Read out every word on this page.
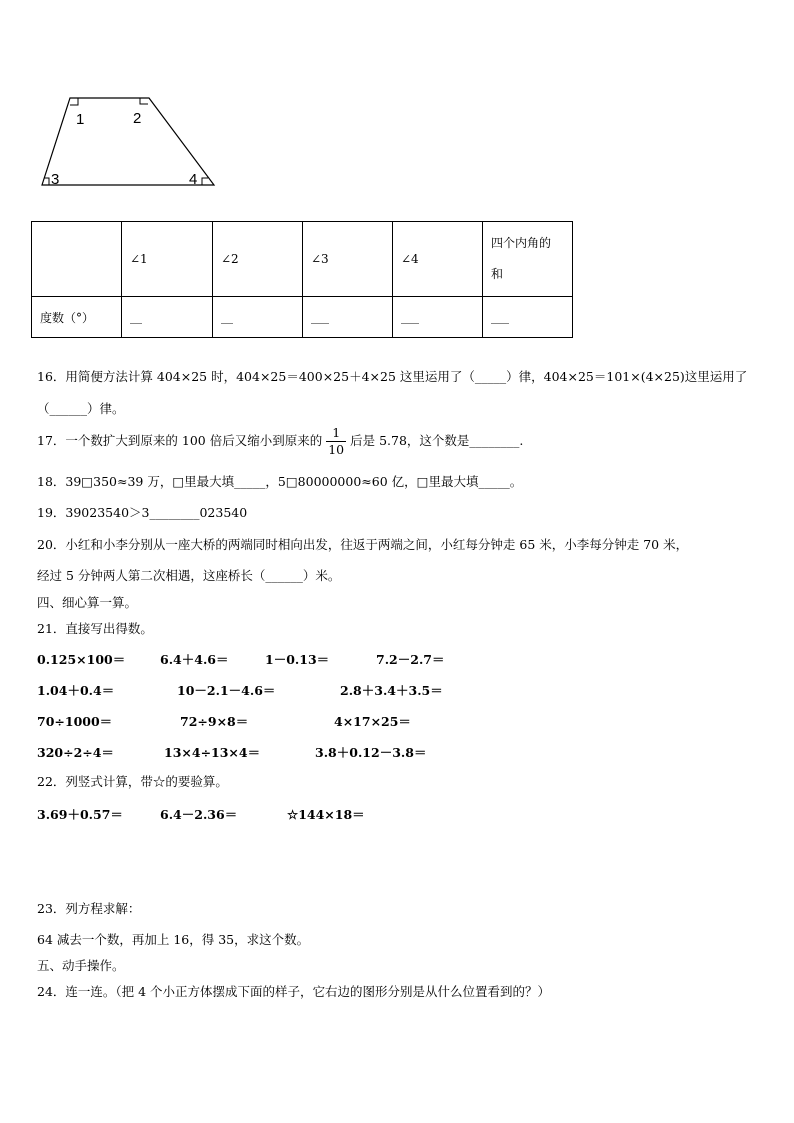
1	2
3	4
	∠1	∠2	∠3	∠4	四个内角的
和
度数（°）	__	__	___	___	___
16．用简便方法计算 404×25 时，404×25＝400×25＋4×25 这里运用了（_____）律，404×25＝101×(4×25)这里运用了
（______）律。
17．一个数扩大到原来的 100 倍后又缩小到原来的 $\frac{1}{10}$ 后是 5.78，这个数是________.
18．39□350≈39 万，□里最大填_____，5□80000000≈60 亿，□里最大填_____。
19．39023540＞3________023540
20．小红和小李分别从一座大桥的两端同时相向出发，往返于两端之间，小红每分钟走 65 米，小李每分钟走 70 米，
经过 5 分钟两人第二次相遇，这座桥长（______）米。
四、细心算一算。
21．直接写出得数。
0.125×100＝	6.4＋4.6＝	1－0.13＝	7.2－2.7＝
1.04＋0.4＝	10－2.1－4.6＝	2.8＋3.4＋3.5＝
70÷1000＝	72÷9×8＝	4×17×25＝
320÷2÷4＝	13×4÷13×4＝	3.8＋0.12－3.8＝
22．列竖式计算，带☆的要验算。
3.69＋0.57＝	6.4－2.36＝	☆144×18＝
23．列方程求解：
64 减去一个数，再加上 16，得 35，求这个数。
五、动手操作。
24．连一连。（把 4 个小正方体摆成下面的样子，它右边的图形分别是从什么位置看到的？）
